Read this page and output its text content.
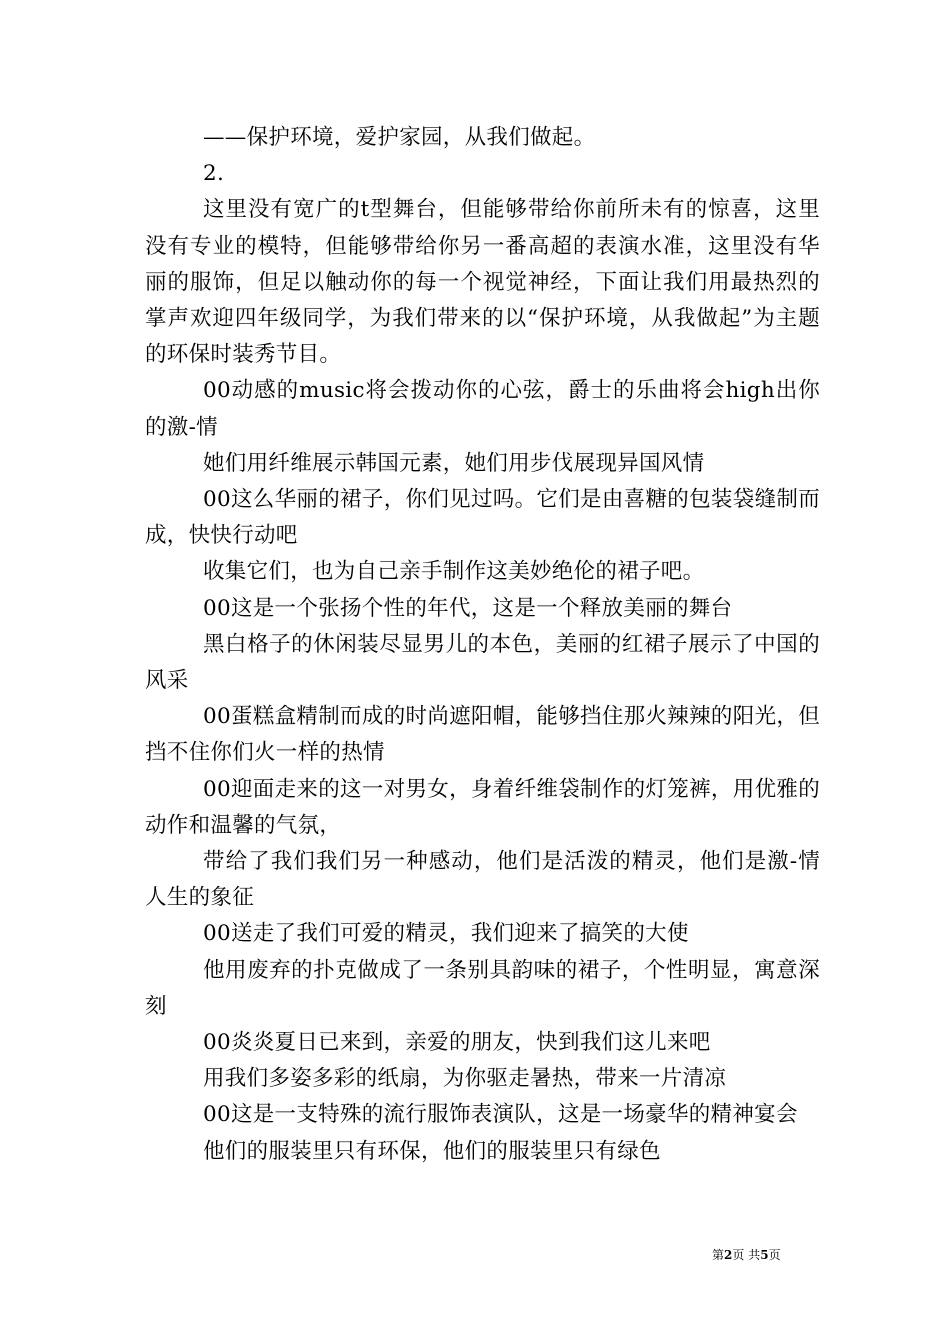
——保护环境，爱护家园，从我们做起。

2.

这里没有宽广的t型舞台，但能够带给你前所未有的惊喜，这里没有专业的模特，但能够带给你另一番高超的表演水准，这里没有华丽的服饰，但足以触动你的每一个视觉神经，下面让我们用最热烈的掌声欢迎四年级同学，为我们带来的以“保护环境，从我做起”为主题的环保时装秀节目。

00动感的music将会拨动你的心弦，爵士的乐曲将会high出你的激-情

她们用纤维展示韩国元素，她们用步伐展现异国风情

00这么华丽的裙子，你们见过吗。它们是由喜糖的包装袋缝制而成，快快行动吧

收集它们，也为自己亲手制作这美妙绝伦的裙子吧。

00这是一个张扬个性的年代，这是一个释放美丽的舞台

黑白格子的休闲装尽显男儿的本色，美丽的红裙子展示了中国的风采

00蛋糕盒精制而成的时尚遮阳帽，能够挡住那火辣辣的阳光，但挡不住你们火一样的热情

00迎面走来的这一对男女，身着纤维袋制作的灯笼裤，用优雅的动作和温馨的气氛，

带给了我们我们另一种感动，他们是活泼的精灵，他们是激-情人生的象征

00送走了我们可爱的精灵，我们迎来了搞笑的大使

他用废弃的扑克做成了一条别具韵味的裙子，个性明显，寓意深刻

00炎炎夏日已来到，亲爱的朋友，快到我们这儿来吧

用我们多姿多彩的纸扇，为你驱走暑热，带来一片清凉

00这是一支特殊的流行服饰表演队，这是一场豪华的精神宴会

他们的服装里只有环保，他们的服装里只有绿色

第2页 共5页
